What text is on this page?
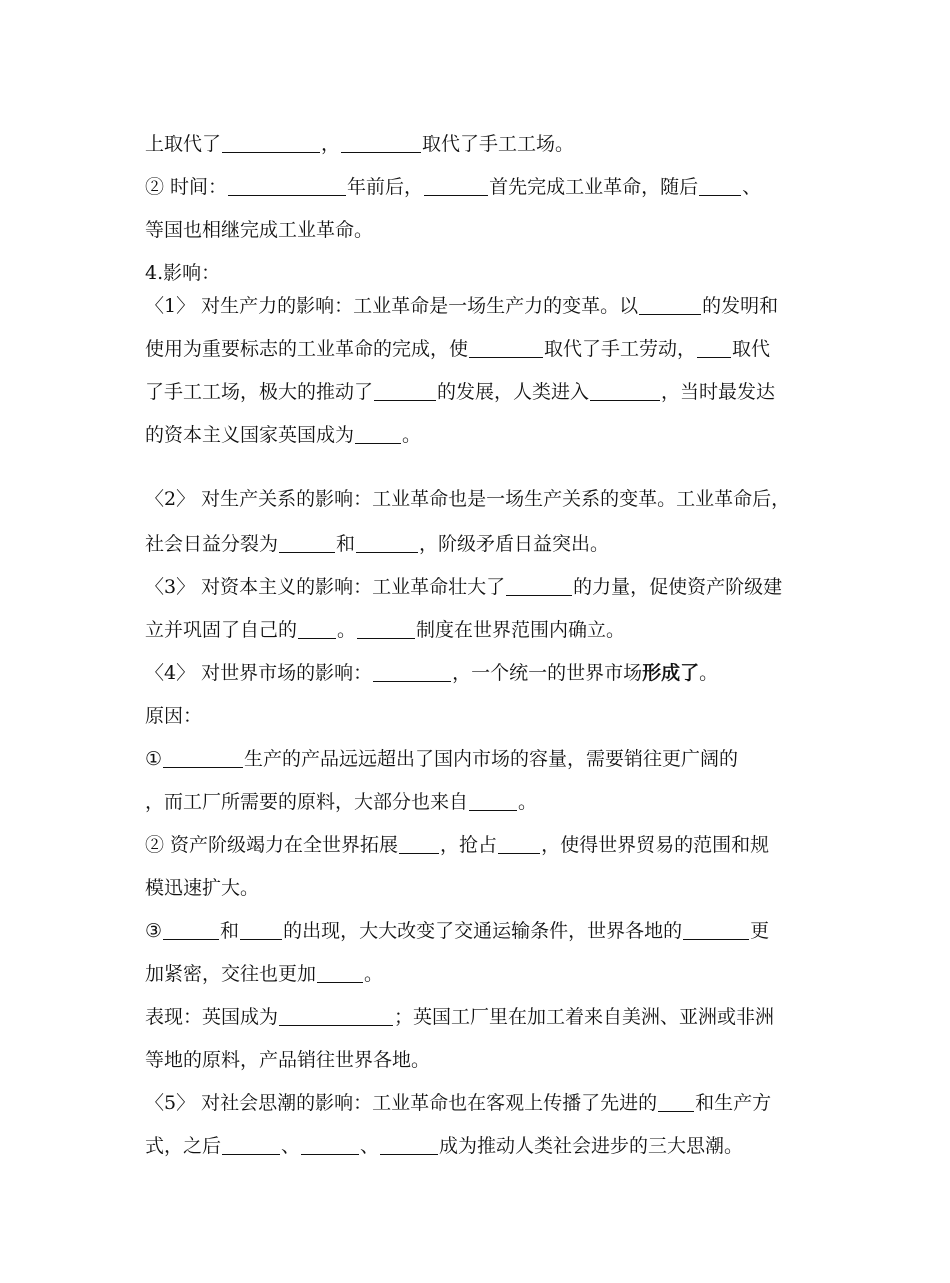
上取代了	，	取代了手工工场。
② 时间：	年前后，	首先完成工业革命，随后 、
等国也相继完成工业革命。
4.影响：
〈1〉 对生产力的影响：工业革命是一场生产力的变革。以	的发明和
使用为重要标志的工业革命的完成，使	取代了手工劳动， 取代
了手工工场，极大的推动了	的发展，人类进入	，当时最发达
的资本主义国家英国成为	。
〈2〉 对生产关系的影响：工业革命也是一场生产关系的变革。工业革命后，
社会日益分裂为	和	，阶级矛盾日益突出。
〈3〉 对资本主义的影响：工业革命壮大了	的力量，促使资产阶级建
立并巩固了自己的 。	制度在世界范围内确立。
〈4〉 对世界市场的影响：	，一个统一的世界市场形成了。
原因：
①	生产的产品远远超出了国内市场的容量，需要销往更广阔的
，而工厂所需要的原料，大部分也来自	。
② 资产阶级竭力在全世界拓展 ，抢占 ，使得世界贸易的范围和规
模迅速扩大。
③	和 的出现，大大改变了交通运输条件，世界各地的	更
加紧密，交往也更加	。
表现：英国成为	；英国工厂里在加工着来自美洲、亚洲或非洲
等地的原料，产品销往世界各地。
〈5〉 对社会思潮的影响：工业革命也在客观上传播了先进的 和生产方
式，之后	、	、	成为推动人类社会进步的三大思潮。
